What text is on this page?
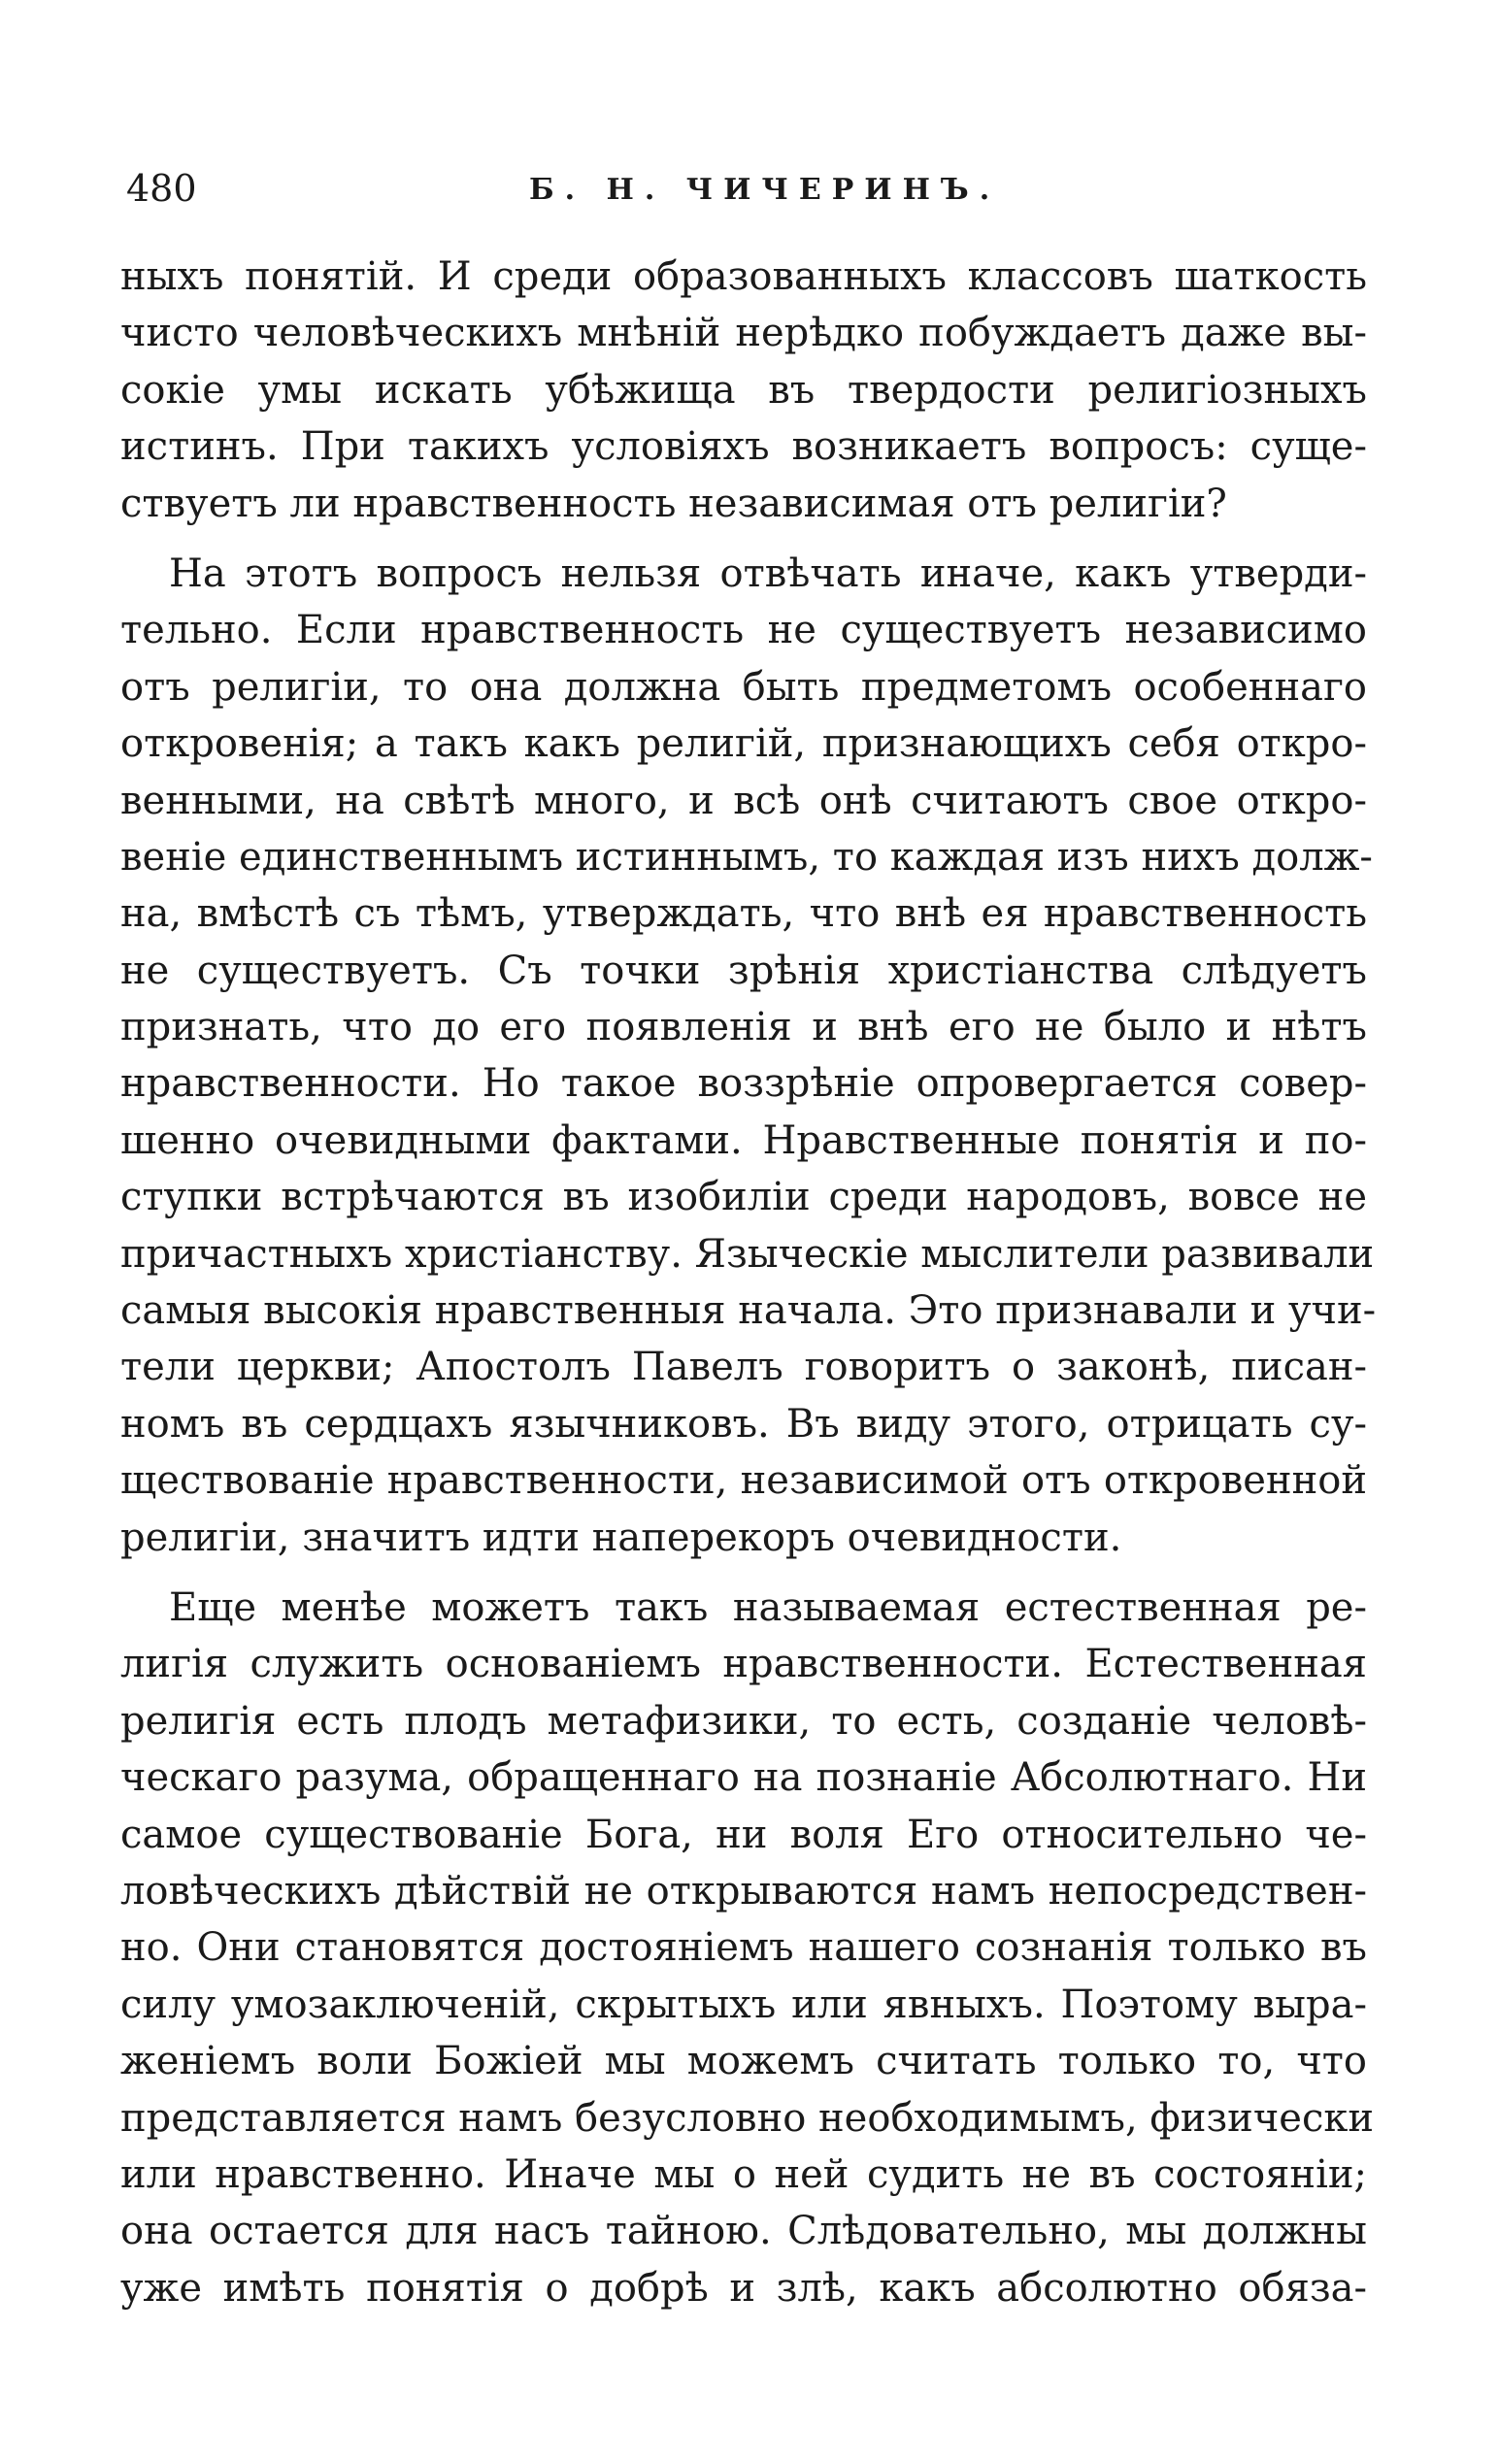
480	Б. Н. ЧИЧЕРИНЪ.
ныхъ понятій. И среди образованныхъ классовъ шаткость
чисто человѣческихъ мнѣній нерѣдко побуждаетъ даже вы-
сокіе умы искать убѣжища въ твердости религіозныхъ
истинъ. При такихъ условіяхъ возникаетъ вопросъ: суще-
ствуетъ ли нравственность независимая отъ религіи?
На этотъ вопросъ нельзя отвѣчать иначе, какъ утверди-
тельно. Если нравственность не существуетъ независимо
отъ религіи, то она должна быть предметомъ особеннаго
откровенія; а такъ какъ религій, признающихъ себя откро-
венными, на свѣтѣ много, и всѣ онѣ считаютъ свое откро-
веніе единственнымъ истиннымъ, то каждая изъ нихъ долж-
на, вмѣстѣ съ тѣмъ, утверждать, что внѣ ея нравственность
не существуетъ. Съ точки зрѣнія христіанства слѣдуетъ
признать, что до его появленія и внѣ его не было и нѣтъ
нравственности. Но такое воззрѣніе опровергается совер-
шенно очевидными фактами. Нравственные понятія и по-
ступки встрѣчаются въ изобиліи среди народовъ, вовсе не
причастныхъ христіанству. Языческіе мыслители развивали
самыя высокія нравственныя начала. Это признавали и учи-
тели церкви; Апостолъ Павелъ говоритъ о законѣ, писан-
номъ въ сердцахъ язычниковъ. Въ виду этого, отрицать су-
ществованіе нравственности, независимой отъ откровенной
религіи, значитъ идти наперекоръ очевидности.
Еще менѣе можетъ такъ называемая естественная ре-
лигія служить основаніемъ нравственности. Естественная
религія есть плодъ метафизики, то есть, созданіе человѣ-
ческаго разума, обращеннаго на познаніе Абсолютнаго. Ни
самое существованіе Бога, ни воля Его относительно че-
ловѣческихъ дѣйствій не открываются намъ непосредствен-
но. Они становятся достояніемъ нашего сознанія только въ
силу умозаключеній, скрытыхъ или явныхъ. Поэтому выра-
женіемъ воли Божіей мы можемъ считать только то, что
представляется намъ безусловно необходимымъ, физически
или нравственно. Иначе мы о ней судить не въ состояніи;
она остается для насъ тайною. Слѣдовательно, мы должны
уже имѣть понятія о добрѣ и злѣ, какъ абсолютно обяза-
